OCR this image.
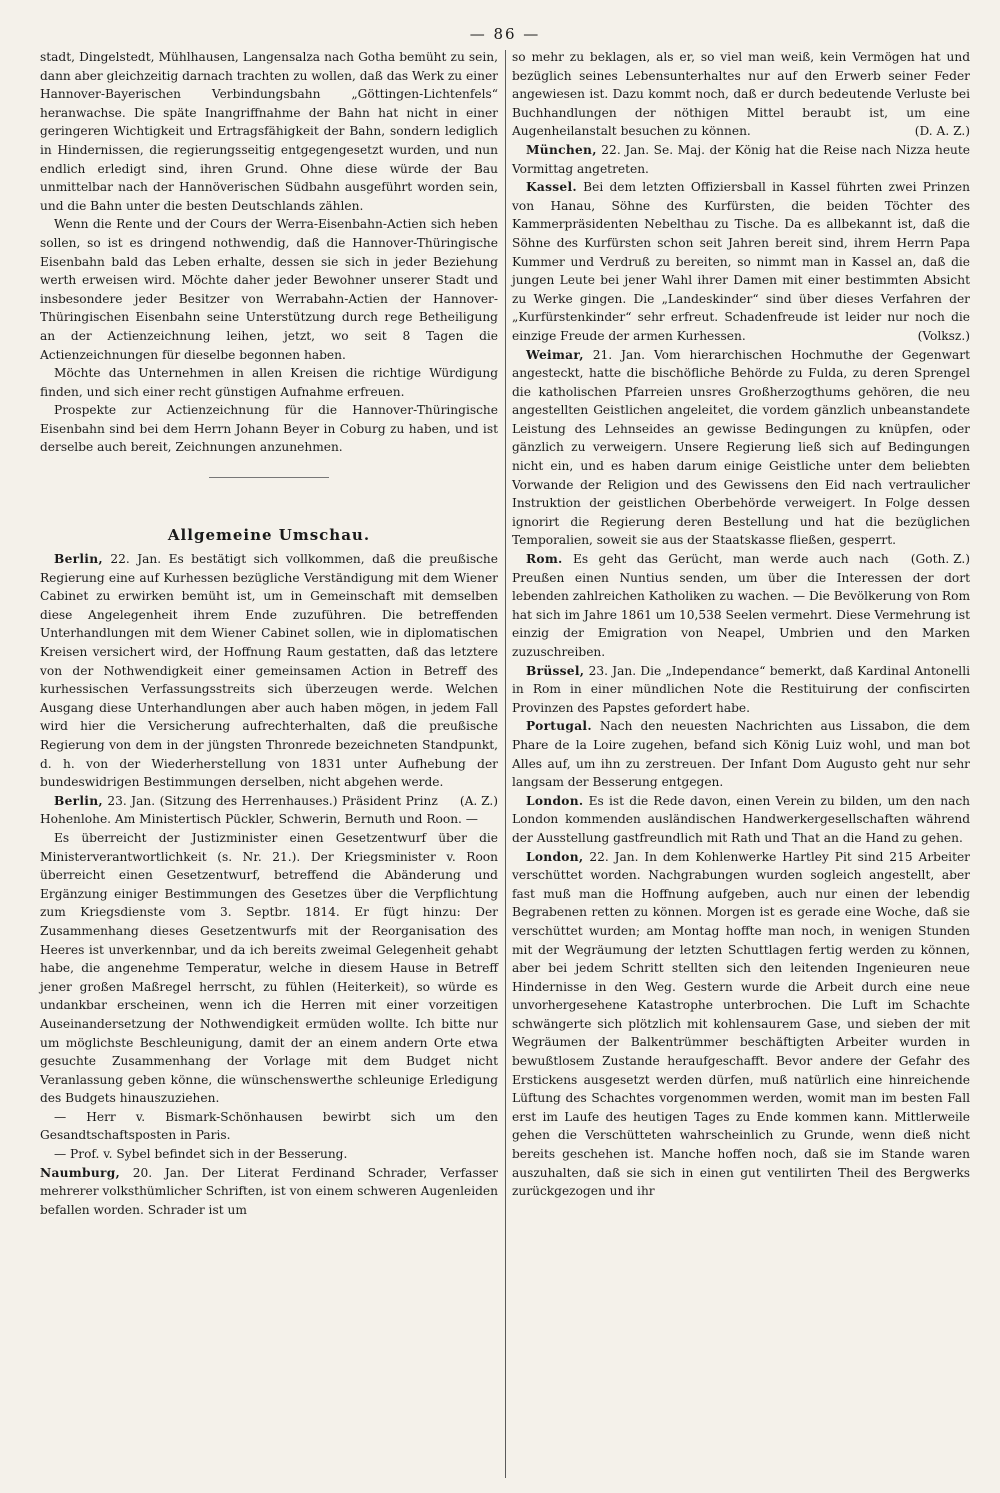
— 86 —

stadt, Dingelstedt, Mühlhausen, Langensalza nach Gotha bemüht zu sein, dann aber gleichzeitig darnach trachten zu wollen, daß das Werk zu einer Hannover-Bayerischen Verbindungsbahn „Göttingen-Lichtenfels“ heranwachse. Die späte Inangriffnahme der Bahn hat nicht in einer geringeren Wichtigkeit und Ertragsfähigkeit der Bahn, sondern lediglich in Hindernissen, die regierungsseitig entgegengesetzt wurden, und nun endlich erledigt sind, ihren Grund. Ohne diese würde der Bau unmittelbar nach der Hannöverischen Südbahn ausgeführt worden sein, und die Bahn unter die besten Deutschlands zählen.

Wenn die Rente und der Cours der Werra-Eisenbahn-Actien sich heben sollen, so ist es dringend nothwendig, daß die Hannover-Thüringische Eisenbahn bald das Leben erhalte, dessen sie sich in jeder Beziehung werth erweisen wird. Möchte daher jeder Bewohner unserer Stadt und insbesondere jeder Besitzer von Werrabahn-Actien der Hannover-Thüringischen Eisenbahn seine Unterstützung durch rege Betheiligung an der Actienzeichnung leihen, jetzt, wo seit 8 Tagen die Actienzeichnungen für dieselbe begonnen haben.

Möchte das Unternehmen in allen Kreisen die richtige Würdigung finden, und sich einer recht günstigen Aufnahme erfreuen.

Prospekte zur Actienzeichnung für die Hannover-Thüringische Eisenbahn sind bei dem Herrn Johann Beyer in Coburg zu haben, und ist derselbe auch bereit, Zeichnungen anzunehmen.

Allgemeine Umschau.

Berlin, 22. Jan. Es bestätigt sich vollkommen, daß die preußische Regierung eine auf Kurhessen bezügliche Verständigung mit dem Wiener Cabinet zu erwirken bemüht ist, um in Gemeinschaft mit demselben diese Angelegenheit ihrem Ende zuzuführen. Die betreffenden Unterhandlungen mit dem Wiener Cabinet sollen, wie in diplomatischen Kreisen versichert wird, der Hoffnung Raum gestatten, daß das letztere von der Nothwendigkeit einer gemeinsamen Action in Betreff des kurhessischen Verfassungsstreits sich überzeugen werde. Welchen Ausgang diese Unterhandlungen aber auch haben mögen, in jedem Fall wird hier die Versicherung aufrechterhalten, daß die preußische Regierung von dem in der jüngsten Thronrede bezeichneten Standpunkt, d. h. von der Wiederherstellung von 1831 unter Aufhebung der bundeswidrigen Bestimmungen derselben, nicht abgehen werde.
(A. Z.)

Berlin, 23. Jan. (Sitzung des Herrenhauses.) Präsident Prinz Hohenlohe. Am Ministertisch Pückler, Schwerin, Bernuth und Roon. —

Es überreicht der Justizminister einen Gesetzentwurf über die Ministerverantwortlichkeit (s. Nr. 21.). Der Kriegsminister v. Roon überreicht einen Gesetzentwurf, betreffend die Abänderung und Ergänzung einiger Bestimmungen des Gesetzes über die Verpflichtung zum Kriegsdienste vom 3. Septbr. 1814. Er fügt hinzu: Der Zusammenhang dieses Gesetzentwurfs mit der Reorganisation des Heeres ist unverkennbar, und da ich bereits zweimal Gelegenheit gehabt habe, die angenehme Temperatur, welche in diesem Hause in Betreff jener großen Maßregel herrscht, zu fühlen (Heiterkeit), so würde es undankbar erscheinen, wenn ich die Herren mit einer vorzeitigen Auseinandersetzung der Nothwendigkeit ermüden wollte. Ich bitte nur um möglichste Beschleunigung, damit der an einem andern Orte etwa gesuchte Zusammenhang der Vorlage mit dem Budget nicht Veranlassung geben könne, die wünschenswerthe schleunige Erledigung des Budgets hinauszuziehen.

— Herr v. Bismark-Schönhausen bewirbt sich um den Gesandtschaftsposten in Paris.

— Prof. v. Sybel befindet sich in der Besserung.

Naumburg, 20. Jan. Der Literat Ferdinand Schrader, Verfasser mehrerer volksthümlicher Schriften, ist von einem schweren Augenleiden befallen worden. Schrader ist um

so mehr zu beklagen, als er, so viel man weiß, kein Vermögen hat und bezüglich seines Lebensunterhaltes nur auf den Erwerb seiner Feder angewiesen ist. Dazu kommt noch, daß er durch bedeutende Verluste bei Buchhandlungen der nöthigen Mittel beraubt ist, um eine Augenheilanstalt besuchen zu können.	(D. A. Z.)

München, 22. Jan. Se. Maj. der König hat die Reise nach Nizza heute Vormittag angetreten.

Kassel. Bei dem letzten Offiziersball in Kassel führten zwei Prinzen von Hanau, Söhne des Kurfürsten, die beiden Töchter des Kammerpräsidenten Nebelthau zu Tische. Da es allbekannt ist, daß die Söhne des Kurfürsten schon seit Jahren bereit sind, ihrem Herrn Papa Kummer und Verdruß zu bereiten, so nimmt man in Kassel an, daß die jungen Leute bei jener Wahl ihrer Damen mit einer bestimmten Absicht zu Werke gingen. Die „Landeskinder“ sind über dieses Verfahren der „Kurfürstenkinder“ sehr erfreut. Schadenfreude ist leider nur noch die einzige Freude der armen Kurhessen.	(Volksz.)

Weimar, 21. Jan. Vom hierarchischen Hochmuthe der Gegenwart angesteckt, hatte die bischöfliche Behörde zu Fulda, zu deren Sprengel die katholischen Pfarreien unsres Großherzogthums gehören, die neu angestellten Geistlichen angeleitet, die vordem gänzlich unbeanstandete Leistung des Lehnseides an gewisse Bedingungen zu knüpfen, oder gänzlich zu verweigern. Unsere Regierung ließ sich auf Bedingungen nicht ein, und es haben darum einige Geistliche unter dem beliebten Vorwande der Religion und des Gewissens den Eid nach vertraulicher Instruktion der geistlichen Oberbehörde verweigert. In Folge dessen ignorirt die Regierung deren Bestellung und hat die bezüglichen Temporalien, soweit sie aus der Staatskasse fließen, gesperrt.
(Goth. Z.)

Rom. Es geht das Gerücht, man werde auch nach Preußen einen Nuntius senden, um über die Interessen der dort lebenden zahlreichen Katholiken zu wachen. — Die Bevölkerung von Rom hat sich im Jahre 1861 um 10,538 Seelen vermehrt. Diese Vermehrung ist einzig der Emigration von Neapel, Umbrien und den Marken zuzuschreiben.

Brüssel, 23. Jan. Die „Independance“ bemerkt, daß Kardinal Antonelli in Rom in einer mündlichen Note die Restituirung der confiscirten Provinzen des Papstes gefordert habe.

Portugal. Nach den neuesten Nachrichten aus Lissabon, die dem Phare de la Loire zugehen, befand sich König Luiz wohl, und man bot Alles auf, um ihn zu zerstreuen. Der Infant Dom Augusto geht nur sehr langsam der Besserung entgegen.

London. Es ist die Rede davon, einen Verein zu bilden, um den nach London kommenden ausländischen Handwerkergesellschaften während der Ausstellung gastfreundlich mit Rath und That an die Hand zu gehen.

London, 22. Jan. In dem Kohlenwerke Hartley Pit sind 215 Arbeiter verschüttet worden. Nachgrabungen wurden sogleich angestellt, aber fast muß man die Hoffnung aufgeben, auch nur einen der lebendig Begrabenen retten zu können. Morgen ist es gerade eine Woche, daß sie verschüttet wurden; am Montag hoffte man noch, in wenigen Stunden mit der Wegräumung der letzten Schuttlagen fertig werden zu können, aber bei jedem Schritt stellten sich den leitenden Ingenieuren neue Hindernisse in den Weg. Gestern wurde die Arbeit durch eine neue unvorhergesehene Katastrophe unterbrochen. Die Luft im Schachte schwängerte sich plötzlich mit kohlensaurem Gase, und sieben der mit Wegräumen der Balkentrümmer beschäftigten Arbeiter wurden in bewußtlosem Zustande heraufgeschafft. Bevor andere der Gefahr des Erstickens ausgesetzt werden dürfen, muß natürlich eine hinreichende Lüftung des Schachtes vorgenommen werden, womit man im besten Fall erst im Laufe des heutigen Tages zu Ende kommen kann. Mittlerweile gehen die Verschütteten wahrscheinlich zu Grunde, wenn dieß nicht bereits geschehen ist. Manche hoffen noch, daß sie im Stande waren auszuhalten, daß sie sich in einen gut ventilirten Theil des Bergwerks zurückgezogen und ihr
